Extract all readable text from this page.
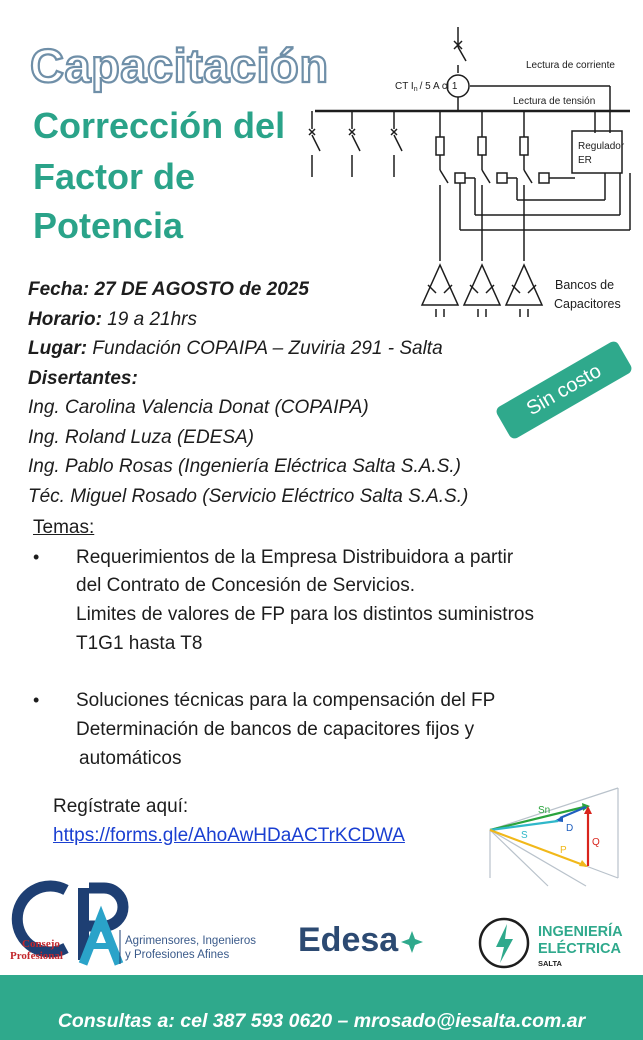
Capacitación
Corrección del
Factor de
Potencia
CT $I_n / 5$ A cl 1
Lectura de corriente
Lectura de tensión
Regulador
ER
Bancos de
Capacitores
Fecha: 27 DE AGOSTO de 2025
Horario: 19 a 21hrs
Lugar: Fundación COPAIPA – Zuviria 291 - Salta
Disertantes:
Ing. Carolina Valencia Donat (COPAIPA)
Ing. Roland Luza (EDESA)
Ing. Pablo Rosas (Ingeniería Eléctrica Salta S.A.S.)
Téc. Miguel Rosado (Servicio Eléctrico Salta S.A.S.)
Sin costo
Temas:
• Requerimientos de la Empresa Distribuidora a partir
del Contrato de Concesión de Servicios.
Limites de valores de FP para los distintos suministros
T1G1 hasta T8
• Soluciones técnicas para la compensación del FP
Determinación de bancos de capacitores fijos y
automáticos
Regístrate aquí:
https://forms.gle/AhoAwHDaACTrKCDWA
Sn
D
S
Q
P
Consejo
Profesional
Agrimensores, Ingenieros
y Profesiones Afines Edesa	INGENIERÍA
ELÉCTRICA
SALTA
Consultas a: cel 387 593 0620 – mrosado@iesalta.com.ar
